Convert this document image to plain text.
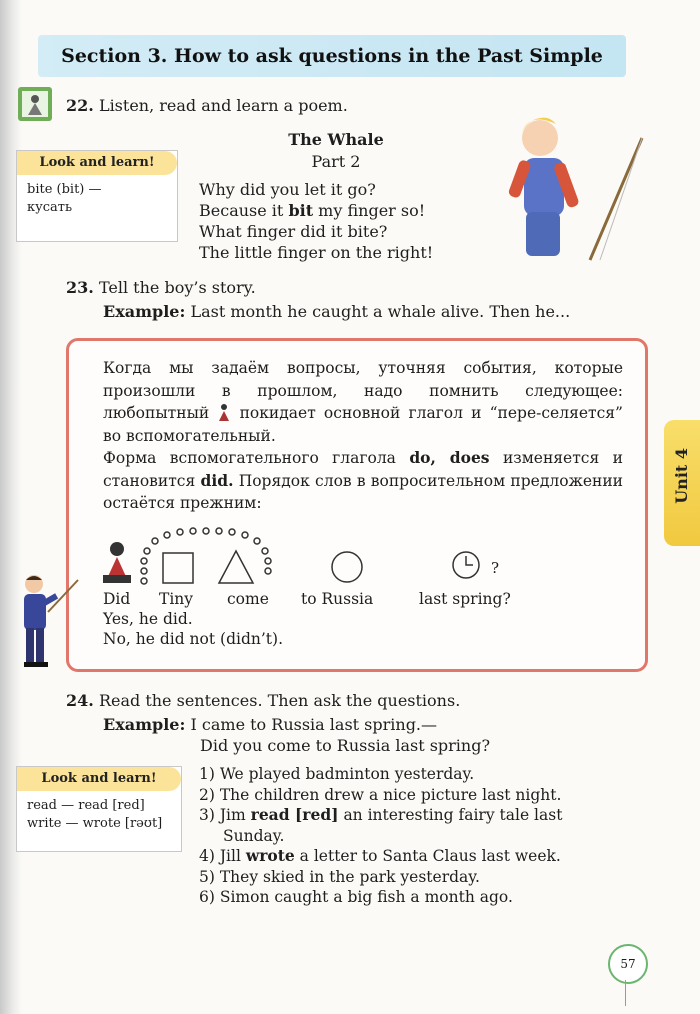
Section 3. How to ask questions in the Past Simple
22. Listen, read and learn a poem.
The Whale
Part 2
Why did you let it go?
Because it bit my finger so!
What finger did it bite?
The little finger on the right!
Look and learn!
bite (bit) —
кусать
23. Tell the boy’s story.
Example: Last month he caught a whale alive. Then he...
Когда мы задаём вопросы, уточняя события, которые произошли в прошлом, надо помнить следующее: любопытный покидает основной глагол и “пере-селяется” во вспомогательный.
Форма вспомогательного глагола do, does изменяется и становится did. Порядок слов в вопросительном предложении остаётся прежним:
?
Did Tiny come to Russia	last spring?
Yes, he did.
No, he did not (didn’t).
Unit 4
24. Read the sentences. Then ask the questions.
Example: I came to Russia last spring.—
Did you come to Russia last spring?
Look and learn!
read — read [red]
write — wrote [rəʊt]
1) We played badminton yesterday.
2) The children drew a nice picture last night.
3) Jim read [red] an interesting fairy tale last
Sunday.
4) Jill wrote a letter to Santa Claus last week.
5) They skied in the park yesterday.
6) Simon caught a big fish a month ago.
57
